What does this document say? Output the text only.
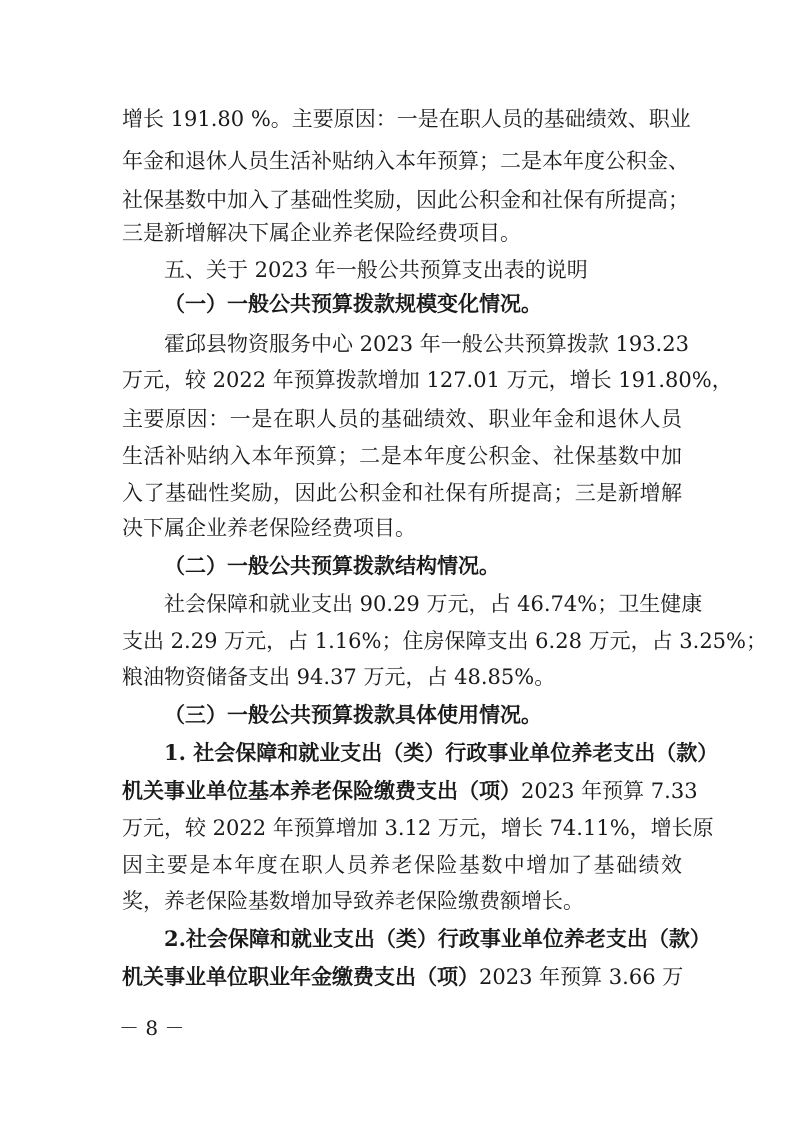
增长 191.80 %。主要原因：一是在职人员的基础绩效、职业
年金和退休人员生活补贴纳入本年预算；二是本年度公积金、
社保基数中加入了基础性奖励，因此公积金和社保有所提高；
三是新增解决下属企业养老保险经费项目。
五、关于 2023 年一般公共预算支出表的说明
（一）一般公共预算拨款规模变化情况。
霍邱县物资服务中心 2023 年一般公共预算拨款 193.23
万元，较 2022 年预算拨款增加 127.01 万元，增长 191.80%，
主要原因：一是在职人员的基础绩效、职业年金和退休人员
生活补贴纳入本年预算；二是本年度公积金、社保基数中加
入了基础性奖励，因此公积金和社保有所提高；三是新增解
决下属企业养老保险经费项目。
（二）一般公共预算拨款结构情况。
社会保障和就业支出 90.29 万元，占 46.74%；卫生健康
支出 2.29 万元，占 1.16%；住房保障支出 6.28 万元，占 3.25%；
粮油物资储备支出 94.37 万元，占 48.85%。
（三）一般公共预算拨款具体使用情况。
1. 社会保障和就业支出（类）行政事业单位养老支出（款）
机关事业单位基本养老保险缴费支出（项）2023 年预算 7.33
万元，较 2022 年预算增加 3.12 万元，增长 74.11%，增长原
因主要是本年度在职人员养老保险基数中增加了基础绩效
奖，养老保险基数增加导致养老保险缴费额增长。
2.社会保障和就业支出（类）行政事业单位养老支出（款）
机关事业单位职业年金缴费支出（项）2023 年预算 3.66 万
－ 8 －
